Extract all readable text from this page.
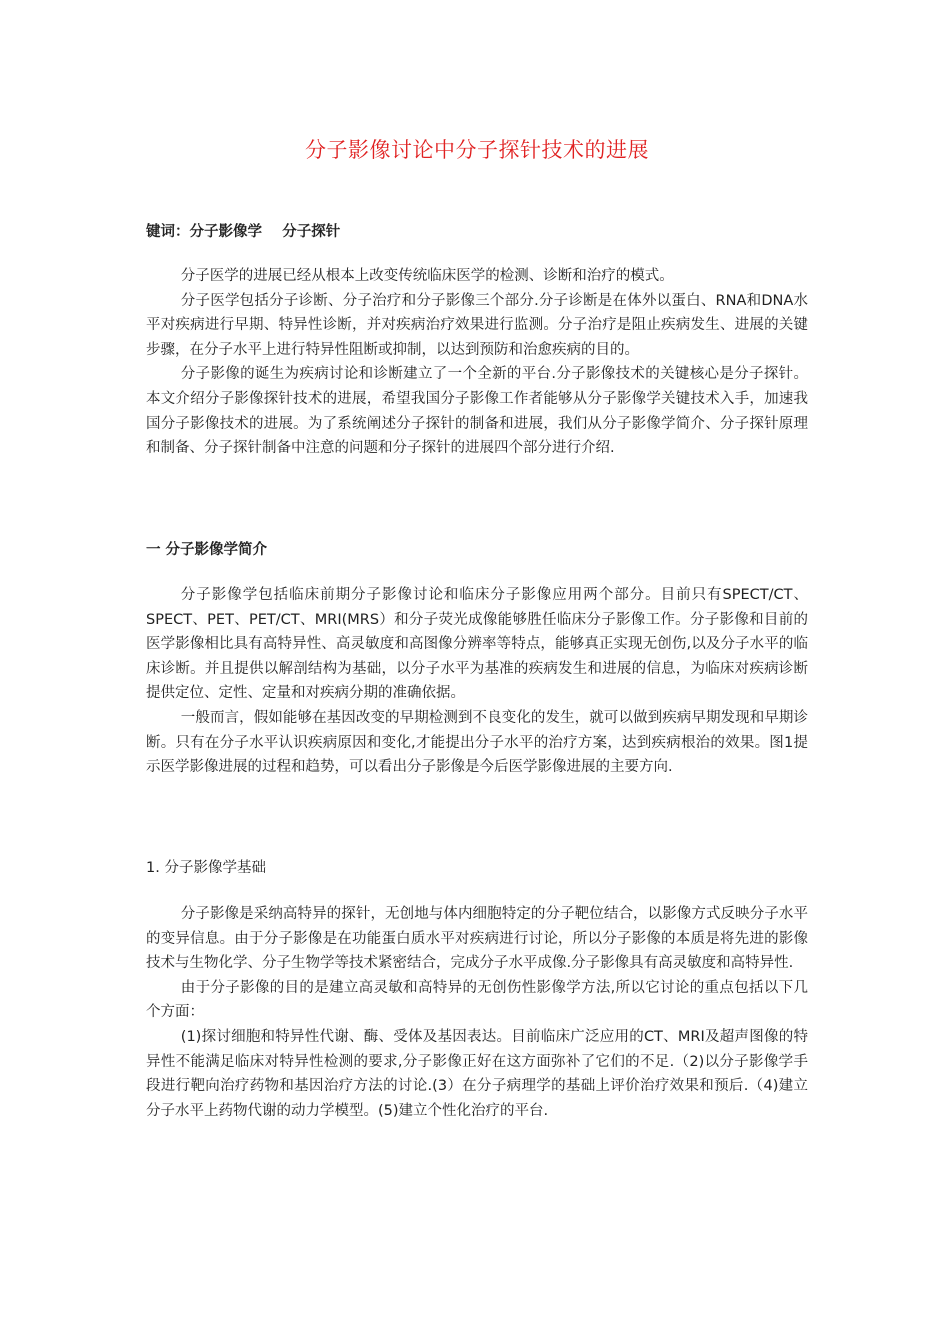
分子影像讨论中分子探针技术的进展
键词：分子影像学    分子探针

分子医学的进展已经从根本上改变传统临床医学的检测、诊断和治疗的模式。

分子医学包括分子诊断、分子治疗和分子影像三个部分.分子诊断是在体外以蛋白、RNA和DNA水平对疾病进行早期、特异性诊断，并对疾病治疗效果进行监测。分子治疗是阻止疾病发生、进展的关键步骤，在分子水平上进行特异性阻断或抑制，以达到预防和治愈疾病的目的。

分子影像的诞生为疾病讨论和诊断建立了一个全新的平台.分子影像技术的关键核心是分子探针。本文介绍分子影像探针技术的进展，希望我国分子影像工作者能够从分子影像学关键技术入手，加速我国分子影像技术的进展。为了系统阐述分子探针的制备和进展，我们从分子影像学简介、分子探针原理和制备、分子探针制备中注意的问题和分子探针的进展四个部分进行介绍.

一 分子影像学简介

分子影像学包括临床前期分子影像讨论和临床分子影像应用两个部分。目前只有SPECT/CT、SPECT、PET、PET/CT、MRI(MRS）和分子荧光成像能够胜任临床分子影像工作。分子影像和目前的医学影像相比具有高特异性、高灵敏度和高图像分辨率等特点，能够真正实现无创伤,以及分子水平的临床诊断。并且提供以解剖结构为基础，以分子水平为基准的疾病发生和进展的信息，为临床对疾病诊断提供定位、定性、定量和对疾病分期的准确依据。

一般而言，假如能够在基因改变的早期检测到不良变化的发生，就可以做到疾病早期发现和早期诊断。只有在分子水平认识疾病原因和变化,才能提出分子水平的治疗方案，达到疾病根治的效果。图1提示医学影像进展的过程和趋势，可以看出分子影像是今后医学影像进展的主要方向.

1. 分子影像学基础

分子影像是采纳高特异的探针，无创地与体内细胞特定的分子靶位结合，以影像方式反映分子水平的变异信息。由于分子影像是在功能蛋白质水平对疾病进行讨论，所以分子影像的本质是将先进的影像技术与生物化学、分子生物学等技术紧密结合，完成分子水平成像.分子影像具有高灵敏度和高特异性.

由于分子影像的目的是建立高灵敏和高特异的无创伤性影像学方法,所以它讨论的重点包括以下几个方面：

(1)探讨细胞和特异性代谢、酶、受体及基因表达。目前临床广泛应用的CT、MRI及超声图像的特异性不能满足临床对特异性检测的要求,分子影像正好在这方面弥补了它们的不足.（2)以分子影像学手段进行靶向治疗药物和基因治疗方法的讨论.(3）在分子病理学的基础上评价治疗效果和预后.（4)建立分子水平上药物代谢的动力学模型。(5)建立个性化治疗的平台.
